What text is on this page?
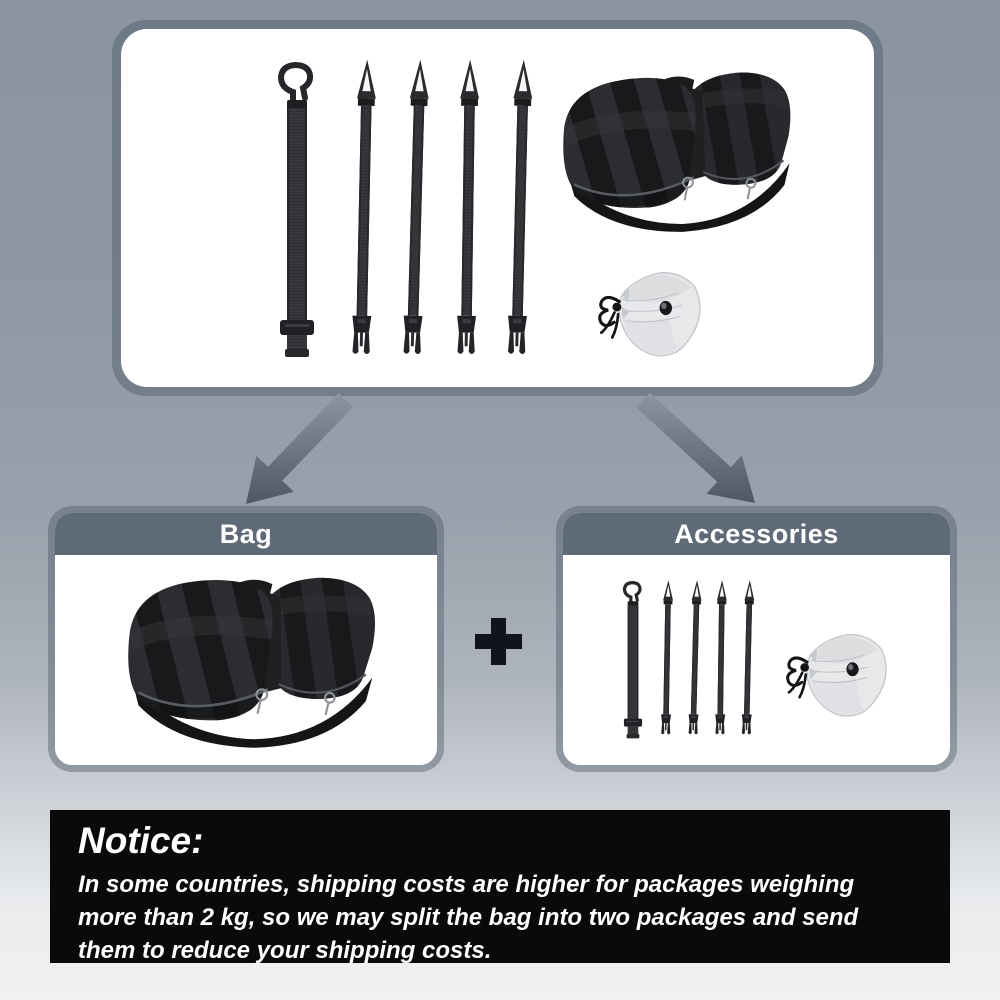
Bag	Accessories
Notice:
In some countries, shipping costs are higher for packages weighing more than 2 kg, so we may split the bag into two packages and send them to reduce your shipping costs.
